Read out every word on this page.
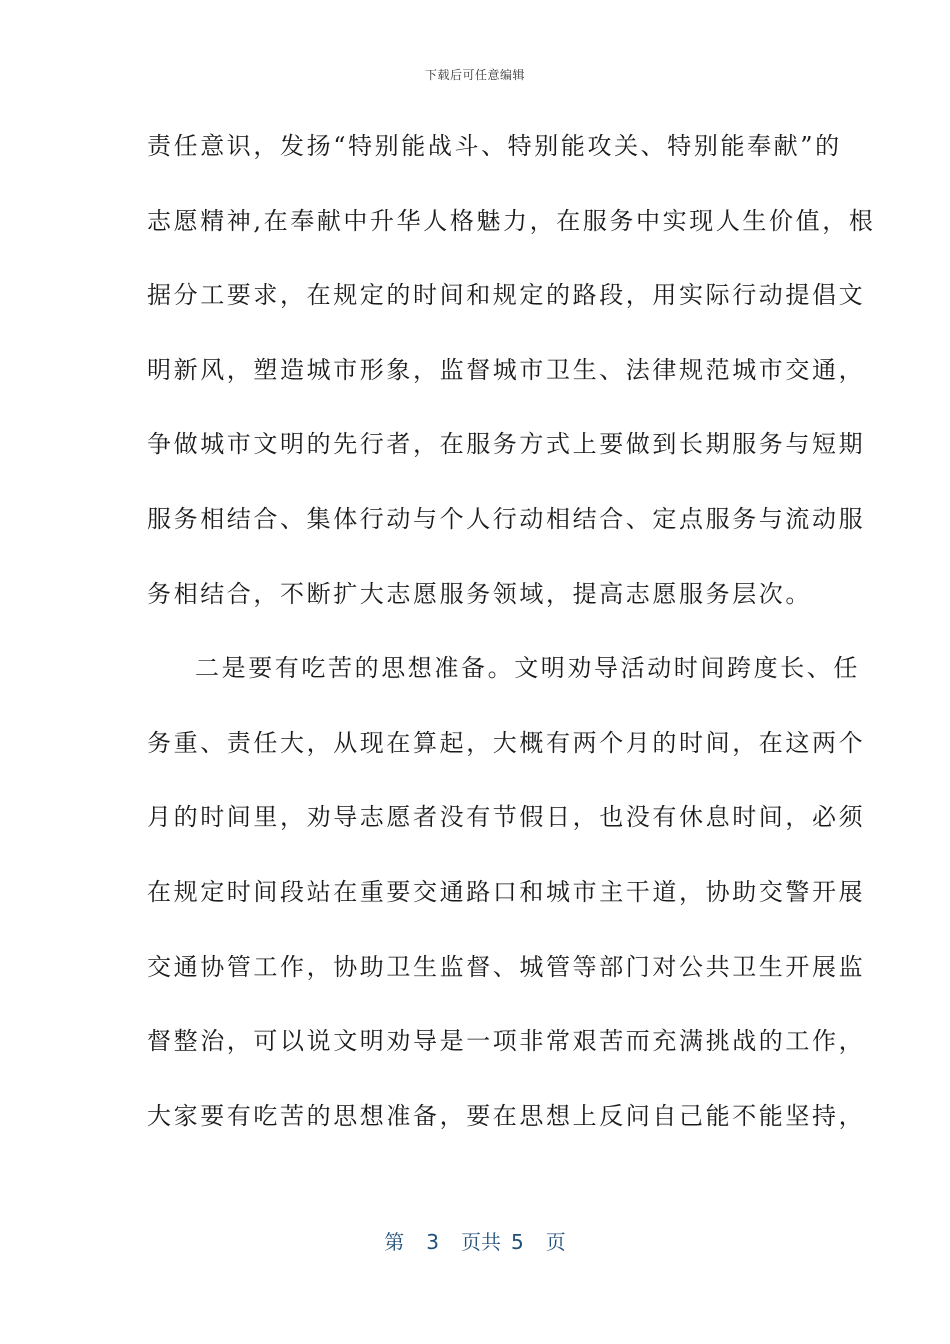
下载后可任意编辑
责任意识，发扬“特别能战斗、特别能攻关、特别能奉献”的
志愿精神,在奉献中升华人格魅力，在服务中实现人生价值，根
据分工要求，在规定的时间和规定的路段，用实际行动提倡文
明新风，塑造城市形象，监督城市卫生、法律规范城市交通，
争做城市文明的先行者，在服务方式上要做到长期服务与短期
服务相结合、集体行动与个人行动相结合、定点服务与流动服
务相结合，不断扩大志愿服务领域，提高志愿服务层次。
二是要有吃苦的思想准备。文明劝导活动时间跨度长、任
务重、责任大，从现在算起，大概有两个月的时间，在这两个
月的时间里，劝导志愿者没有节假日，也没有休息时间，必须
在规定时间段站在重要交通路口和城市主干道，协助交警开展
交通协管工作，协助卫生监督、城管等部门对公共卫生开展监
督整治，可以说文明劝导是一项非常艰苦而充满挑战的工作，
大家要有吃苦的思想准备，要在思想上反问自己能不能坚持，
第 3 页共 5 页
